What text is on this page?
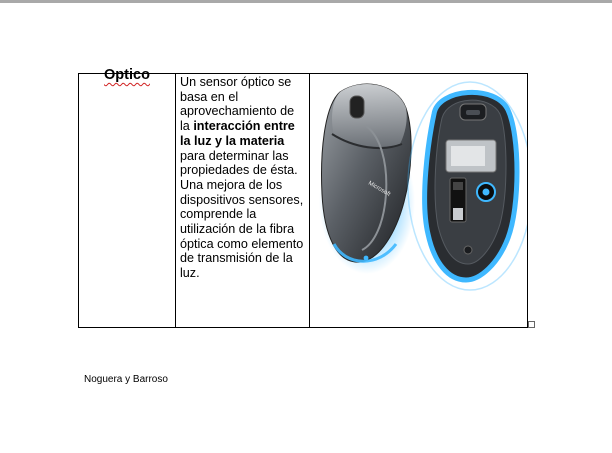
Optico	Un sensor óptico se basa en el aprovechamiento de la interacción entre la luz y la materia para determinar las propiedades de ésta. Una mejora de los dispositivos sensores, comprende la utilización de la fibra óptica como elemento de transmisión de la luz.

Microsoft
Noguera y Barroso
